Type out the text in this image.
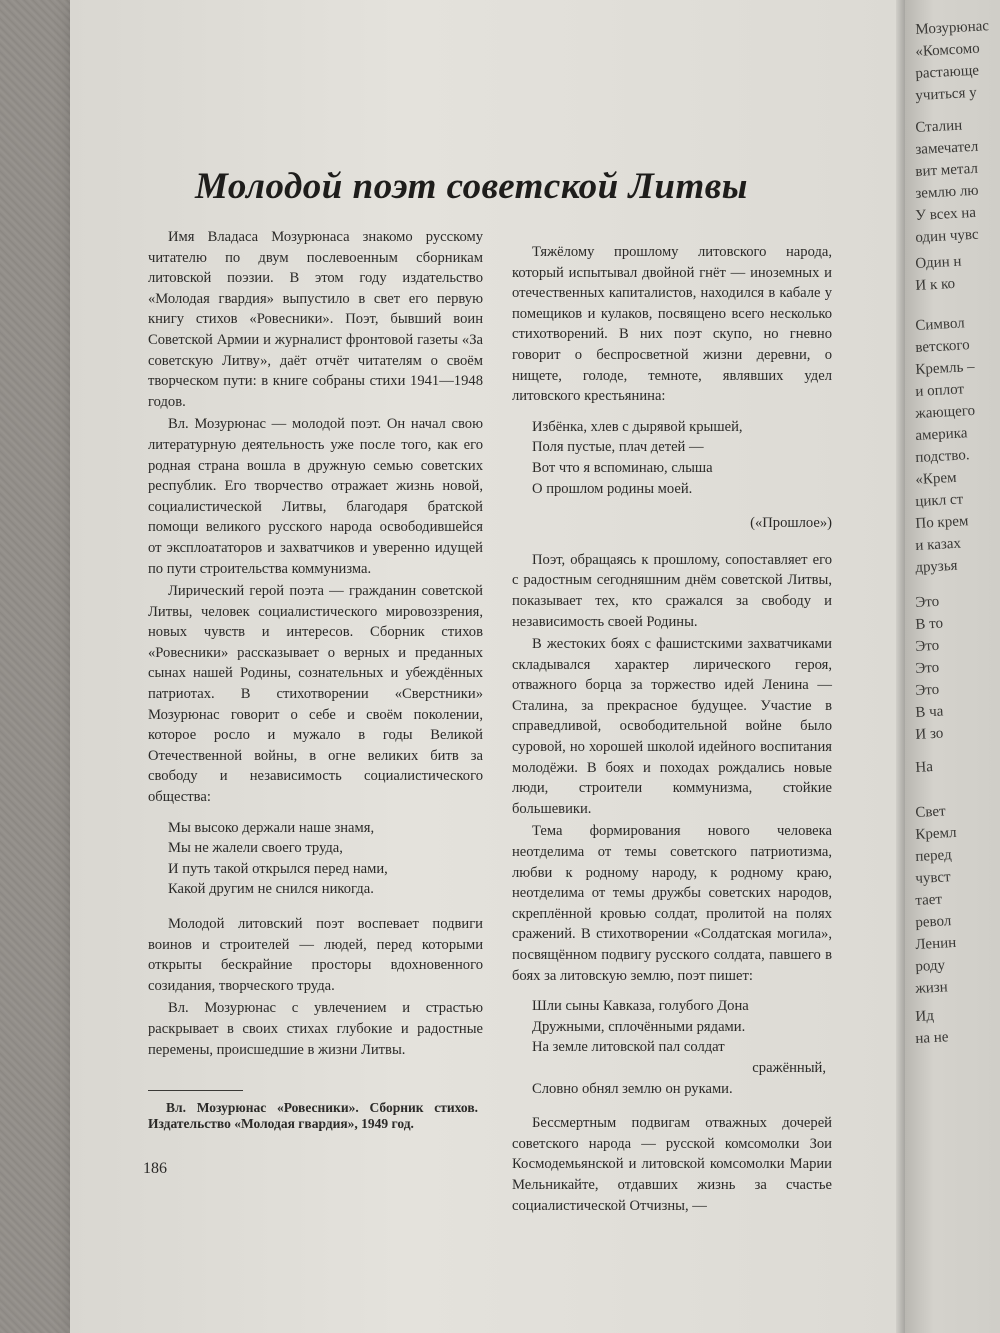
Мозурюнас
«Комсомо
растающе
учиться у
Сталин
замечател
вит метал
землю лю
У всех на
один чувс
Один н
И к ко
Символ
ветского
Кремль –
и оплот
жающего
америка
подство.
«Крем
цикл ст
По крем
и казах
друзья
Это
В то
Это
Это
Это
В ча
И зо
На
Свет
Кремл
перед
чувст
тает
револ
Ленин
роду
жизн
Ид
на не
Молодой поэт советской Литвы

Имя Владаса Мозурюнаса знакомо русскому читателю по двум послевоенным сборникам литовской поэзии. В этом году издательство «Молодая гвардия» выпустило в свет его первую книгу стихов «Ровесники». Поэт, бывший воин Советской Армии и журналист фронтовой газеты «За советскую Литву», даёт отчёт читателям о своём творческом пути: в книге собраны стихи 1941—1948 годов.

Вл. Мозурюнас — молодой поэт. Он начал свою литературную деятельность уже после того, как его родная страна вошла в дружную семью советских республик. Его творчество отражает жизнь новой, социалистической Литвы, благодаря братской помощи великого русского народа освободившейся от эксплоататоров и захватчиков и уверенно идущей по пути строительства коммунизма.

Лирический герой поэта — гражданин советской Литвы, человек социалистического мировоззрения, новых чувств и интересов. Сборник стихов «Ровесники» рассказывает о верных и преданных сынах нашей Родины, сознательных и убеждённых патриотах. В стихотворении «Сверстники» Мозурюнас говорит о себе и своём поколении, которое росло и мужало в годы Великой Отечественной войны, в огне великих битв за свободу и независимость социалистического общества:

Мы высоко держали наше знамя,
Мы не жалели своего труда,
И путь такой открылся перед нами,
Какой другим не снился никогда.

Молодой литовский поэт воспевает подвиги воинов и строителей — людей, перед которыми открыты бескрайние просторы вдохновенного созидания, творческого труда.

Вл. Мозурюнас с увлечением и страстью раскрывает в своих стихах глубокие и радостные перемены, происшедшие в жизни Литвы.

Вл. Мозурюнас «Ровесники». Сборник стихов. Издательство «Молодая гвардия», 1949 год.
186

Тяжёлому прошлому литовского народа, который испытывал двойной гнёт — иноземных и отечественных капиталистов, находился в кабале у помещиков и кулаков, посвящено всего несколько стихотворений. В них поэт скупо, но гневно говорит о беспросветной жизни деревни, о нищете, голоде, темноте, являвших удел литовского крестьянина:

Избёнка, хлев с дырявой крышей,
Поля пустые, плач детей —
Вот что я вспоминаю, слыша
О прошлом родины моей.
(«Прошлое»)

Поэт, обращаясь к прошлому, сопоставляет его с радостным сегодняшним днём советской Литвы, показывает тех, кто сражался за свободу и независимость своей Родины.

В жестоких боях с фашистскими захватчиками складывался характер лирического героя, отважного борца за торжество идей Ленина — Сталина, за прекрасное будущее. Участие в справедливой, освободительной войне было суровой, но хорошей школой идейного воспитания молодёжи. В боях и походах рождались новые люди, строители коммунизма, стойкие большевики.

Тема формирования нового человека неотделима от темы советского патриотизма, любви к родному народу, к родному краю, неотделима от темы дружбы советских народов, скреплённой кровью солдат, пролитой на полях сражений. В стихотворении «Солдатская могила», посвящённом подвигу русского солдата, павшего в боях за литовскую землю, поэт пишет:

Шли сыны Кавказа, голубого Дона
Дружными, сплочёнными рядами.
На земле литовской пал солдат
сражённый,
Словно обнял землю он руками.

Бессмертным подвигам отважных дочерей советского народа — русской комсомолки Зои Космодемьянской и литовской комсомолки Марии Мельникайте, отдавших жизнь за счастье социалистической Отчизны, —
